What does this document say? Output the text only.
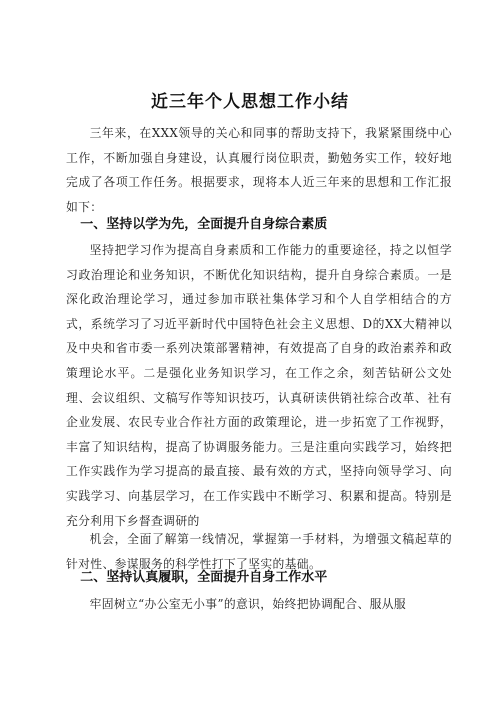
近三年个人思想工作小结

三年来，在XXX领导的关心和同事的帮助支持下，我紧紧围绕中心工作，不断加强自身建设，认真履行岗位职责，勤勉务实工作，较好地完成了各项工作任务。根据要求，现将本人近三年来的思想和工作汇报如下：

一、坚持以学为先，全面提升自身综合素质

坚持把学习作为提高自身素质和工作能力的重要途径，持之以恒学习政治理论和业务知识，不断优化知识结构，提升自身综合素质。一是深化政治理论学习，通过参加市联社集体学习和个人自学相结合的方式，系统学习了习近平新时代中国特色社会主义思想、D的XX大精神以及中央和省市委一系列决策部署精神，有效提高了自身的政治素养和政策理论水平。二是强化业务知识学习，在工作之余，刻苦钻研公文处理、会议组织、文稿写作等知识技巧，认真研读供销社综合改革、社有企业发展、农民专业合作社方面的政策理论，进一步拓宽了工作视野，丰富了知识结构，提高了协调服务能力。三是注重向实践学习，始终把工作实践作为学习提高的最直接、最有效的方式，坚持向领导学习、向实践学习、向基层学习，在工作实践中不断学习、积累和提高。特别是充分利用下乡督查调研的

机会，全面了解第一线情况，掌握第一手材料，为增强文稿起草的针对性、参谋服务的科学性打下了坚实的基础。

二、坚持认真履职，全面提升自身工作水平

牢固树立“办公室无小事”的意识，始终把协调配合、服从服
